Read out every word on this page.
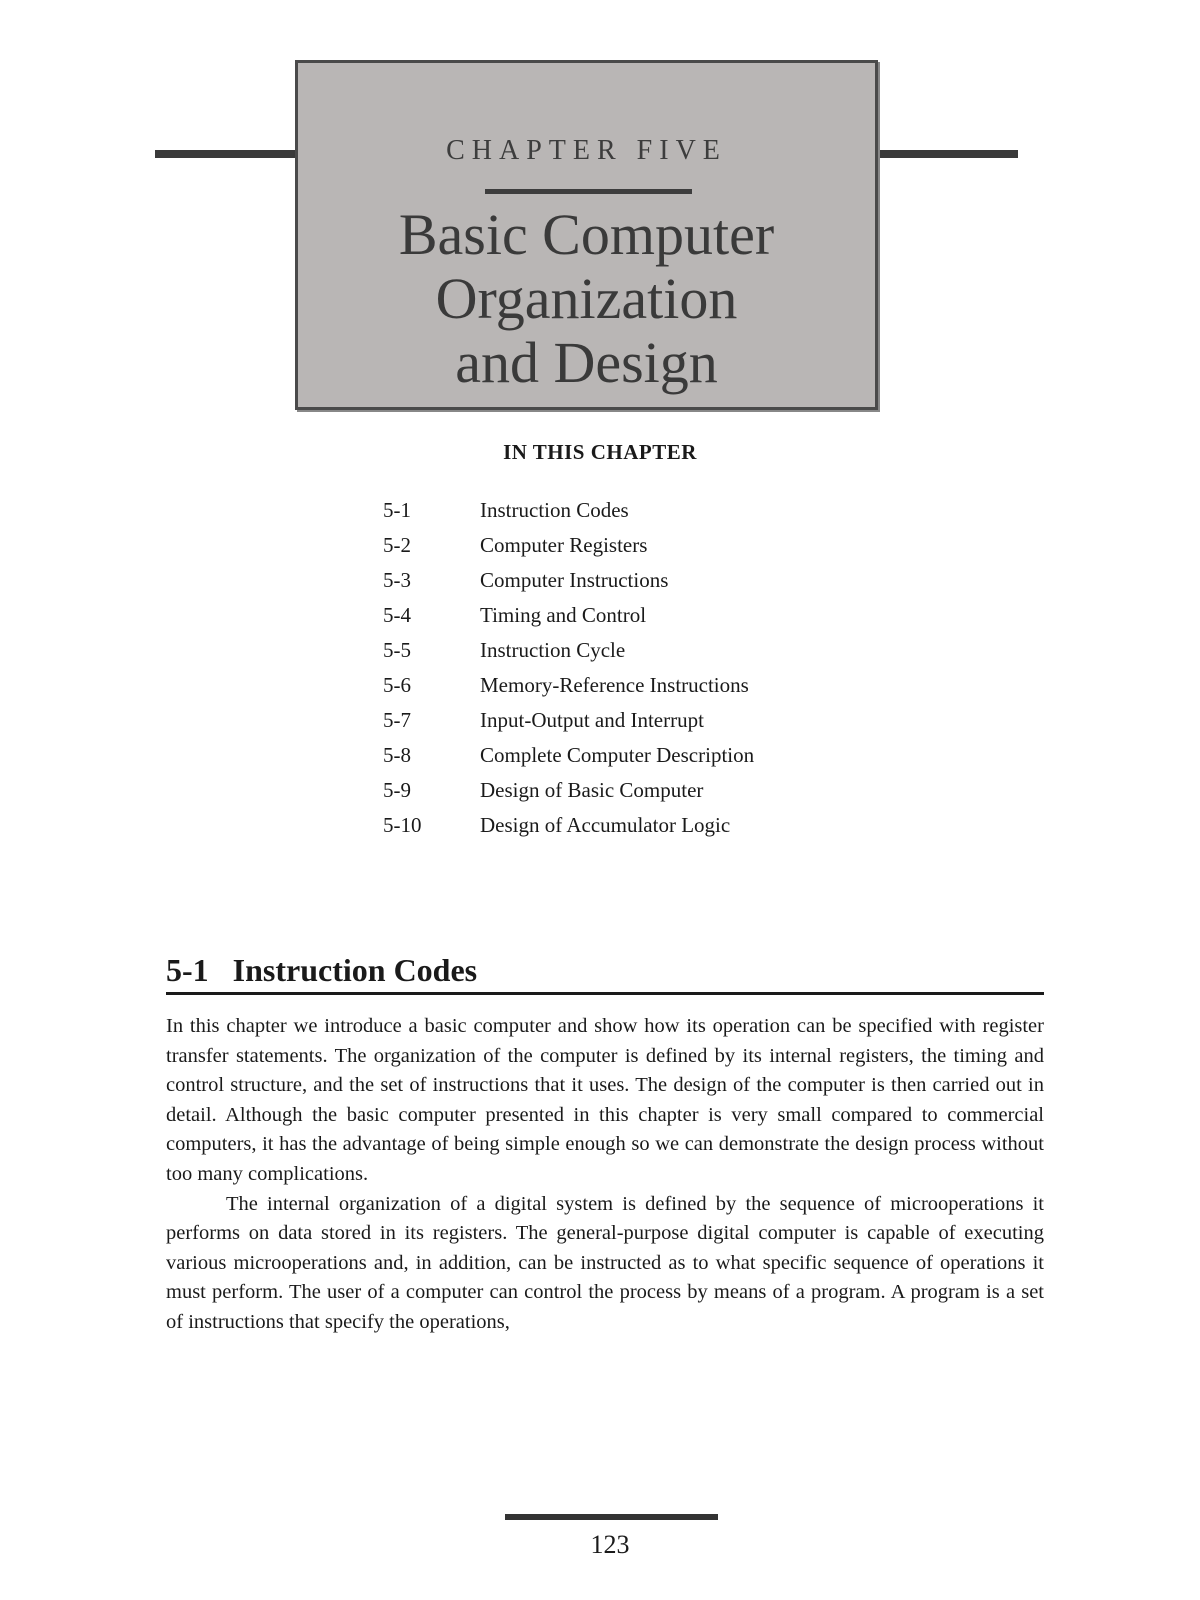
CHAPTER FIVE
Basic Computer
Organization
and Design
IN THIS CHAPTER
5-1	Instruction Codes
5-2	Computer Registers
5-3	Computer Instructions
5-4	Timing and Control
5-5	Instruction Cycle
5-6	Memory-Reference Instructions
5-7	Input-Output and Interrupt
5-8	Complete Computer Description
5-9	Design of Basic Computer
5-10	Design of Accumulator Logic
5-1   Instruction Codes

In this chapter we introduce a basic computer and show how its operation can be specified with register transfer statements. The organization of the computer is defined by its internal registers, the timing and control structure, and the set of instructions that it uses. The design of the computer is then carried out in detail. Although the basic computer presented in this chapter is very small compared to commercial computers, it has the advantage of being simple enough so we can demonstrate the design process without too many complications.

The internal organization of a digital system is defined by the sequence of microoperations it performs on data stored in its registers. The general-purpose digital computer is capable of executing various microoperations and, in addition, can be instructed as to what specific sequence of operations it must perform. The user of a computer can control the process by means of a program. A program is a set of instructions that specify the operations,

123
